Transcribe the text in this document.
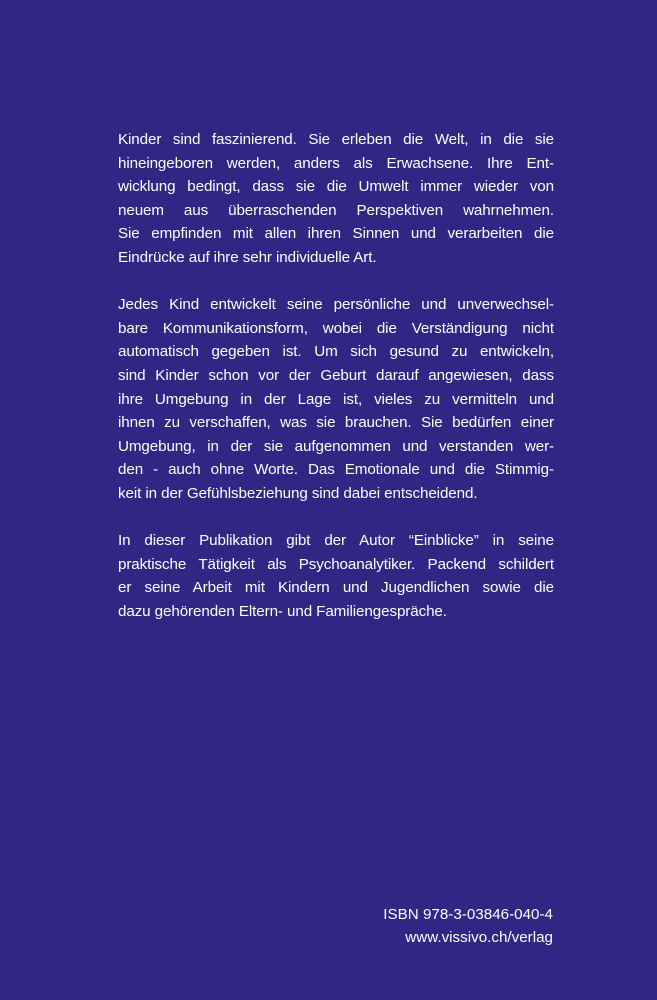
Kinder sind faszinierend. Sie erleben die Welt, in die sie
hineingeboren werden, anders als Erwachsene. Ihre Ent-
wicklung bedingt, dass sie die Umwelt immer wieder von
neuem aus überraschenden Perspektiven wahrnehmen.
Sie empfinden mit allen ihren Sinnen und verarbeiten die
Eindrücke auf ihre sehr individuelle Art.

Jedes Kind entwickelt seine persönliche und unverwechsel-
bare Kommunikationsform, wobei die Verständigung nicht
automatisch gegeben ist. Um sich gesund zu entwickeln,
sind Kinder schon vor der Geburt darauf angewiesen, dass
ihre Umgebung in der Lage ist, vieles zu vermitteln und
ihnen zu verschaffen, was sie brauchen. Sie bedürfen einer
Umgebung, in der sie aufgenommen und verstanden wer-
den - auch ohne Worte. Das Emotionale und die Stimmig-
keit in der Gefühlsbeziehung sind dabei entscheidend.

In dieser Publikation gibt der Autor “Einblicke” in seine
praktische Tätigkeit als Psychoanalytiker. Packend schildert
er seine Arbeit mit Kindern und Jugendlichen sowie die
dazu gehörenden Eltern- und Familiengespräche.

ISBN 978-3-03846-040-4
www.vissivo.ch/verlag
